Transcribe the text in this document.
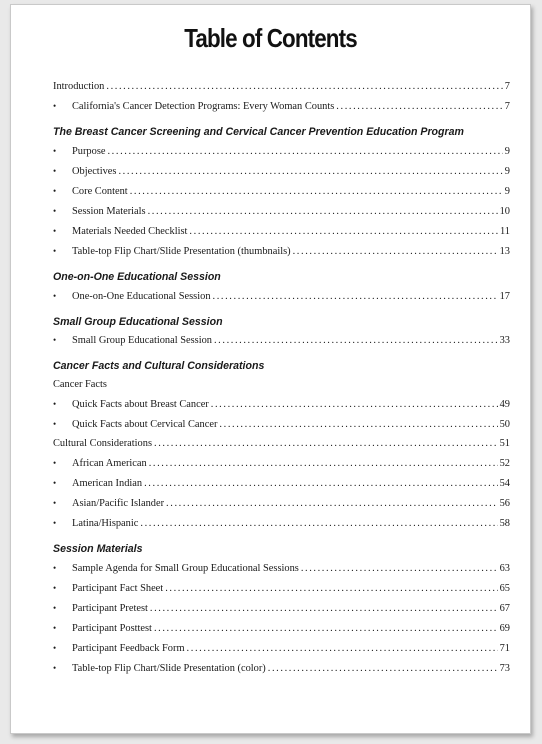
Table of Contents
Introduction . . .	7
•	California's Cancer Detection Programs: Every Woman Counts . . .	7
The Breast Cancer Screening and Cervical Cancer Prevention Education Program
•	Purpose . . .	9
•	Objectives . . .	9
•	Core Content . . .	9
•	Session Materials . . .	10
•	Materials Needed Checklist . . .	11
•	Table-top Flip Chart/Slide Presentation (thumbnails) . . .	13
One-on-One Educational Session
•	One-on-One Educational Session . . .	17
Small Group Educational Session
•	Small Group Educational Session . . .	33
Cancer Facts and Cultural Considerations
Cancer Facts
•	Quick Facts about Breast Cancer . . .	49
•	Quick Facts about Cervical Cancer . . .	50
Cultural Considerations . . .	51
•	African American . . .	52
•	American Indian . . .	54
•	Asian/Pacific Islander . . .	56
•	Latina/Hispanic . . .	58
Session Materials
•	Sample Agenda for Small Group Educational Sessions . . .	63
•	Participant Fact Sheet . . .	65
•	Participant Pretest . . .	67
•	Participant Posttest . . .	69
•	Participant Feedback Form . . .	71
•	Table-top Flip Chart/Slide Presentation (color) . . .	73
